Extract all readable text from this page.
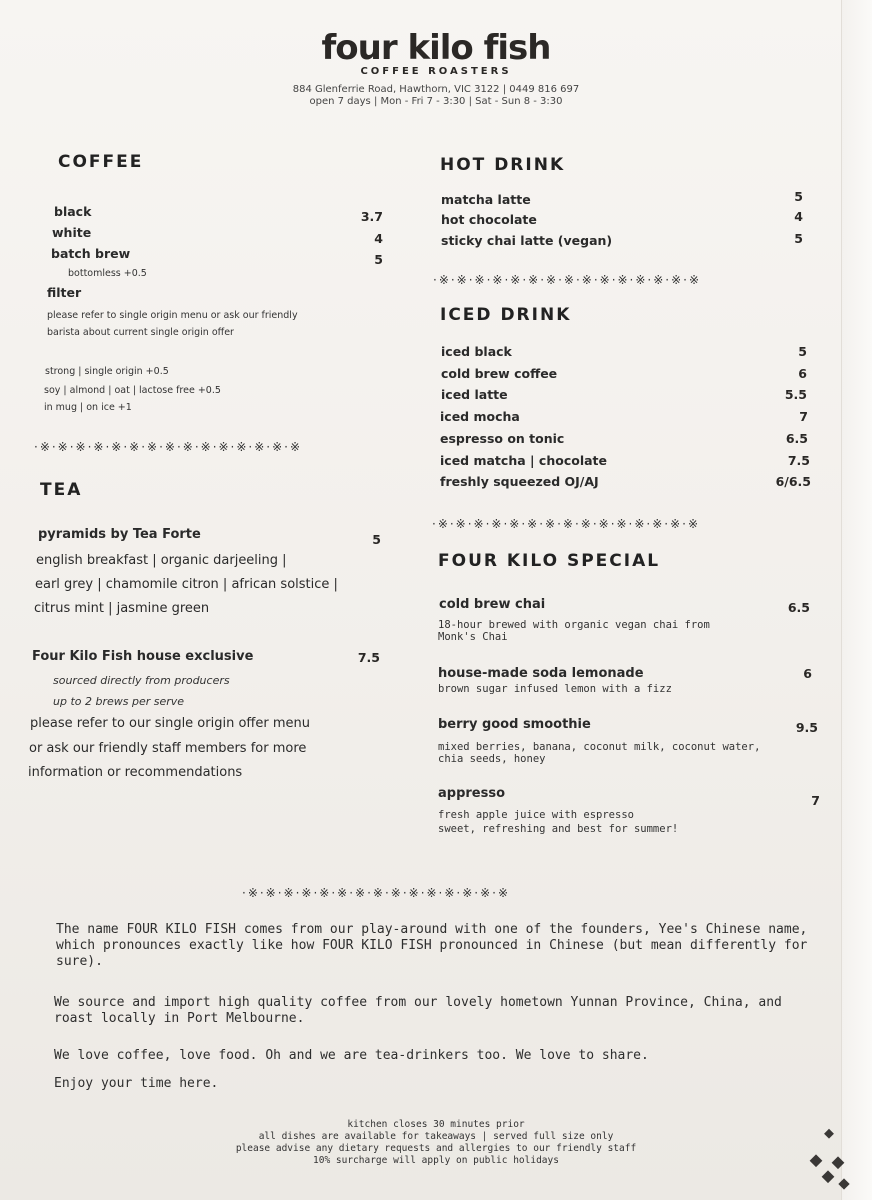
four kilo fish
COFFEE ROASTERS
884 Glenferrie Road, Hawthorn, VIC 3122 | 0449 816 697
open 7 days | Mon - Fri 7 - 3:30 | Sat - Sun 8 - 3:30
COFFEE
black	3.7
white	4
batch brew	5
bottomless +0.5
filter
please refer to single origin menu or ask our friendly
barista about current single origin offer
strong | single origin +0.5
soy | almond | oat | lactose free +0.5
in mug | on ice +1
·※·※·※·※·※·※·※·※·※·※·※·※·※·※·※
TEA
pyramids by Tea Forte	5
english breakfast | organic darjeeling |
earl grey | chamomile citron | african solstice |
citrus mint | jasmine green
Four Kilo Fish house exclusive	7.5
sourced directly from producers
up to 2 brews per serve
please refer to our single origin offer menu
or ask our friendly staff members for more
information or recommendations
HOT DRINK
matcha latte	5
hot chocolate	4
sticky chai latte (vegan)	5
·※·※·※·※·※·※·※·※·※·※·※·※·※·※·※
ICED DRINK
iced black	5
cold brew coffee	6
iced latte	5.5
iced mocha	7
espresso on tonic	6.5
iced matcha | chocolate	7.5
freshly squeezed OJ/AJ	6/6.5
·※·※·※·※·※·※·※·※·※·※·※·※·※·※·※
FOUR KILO SPECIAL
cold brew chai	6.5
18-hour brewed with organic vegan chai from
Monk's Chai
house-made soda lemonade	6
brown sugar infused lemon with a fizz
berry good smoothie	9.5
mixed berries, banana, coconut milk, coconut water,
chia seeds, honey
appresso	7
fresh apple juice with espresso
sweet, refreshing and best for summer!
·※·※·※·※·※·※·※·※·※·※·※·※·※·※·※
The name FOUR KILO FISH comes from our play-around with one of the founders, Yee's Chinese name, which pronounces exactly like how FOUR KILO FISH pronounced in Chinese (but mean differently for sure).
We source and import high quality coffee from our lovely hometown Yunnan Province, China, and roast locally in Port Melbourne.
We love coffee, love food. Oh and we are tea-drinkers too. We love to share.
Enjoy your time here.
kitchen closes 30 minutes prior
all dishes are available for takeaways | served full size only
please advise any dietary requests and allergies to our friendly staff
10% surcharge will apply on public holidays
